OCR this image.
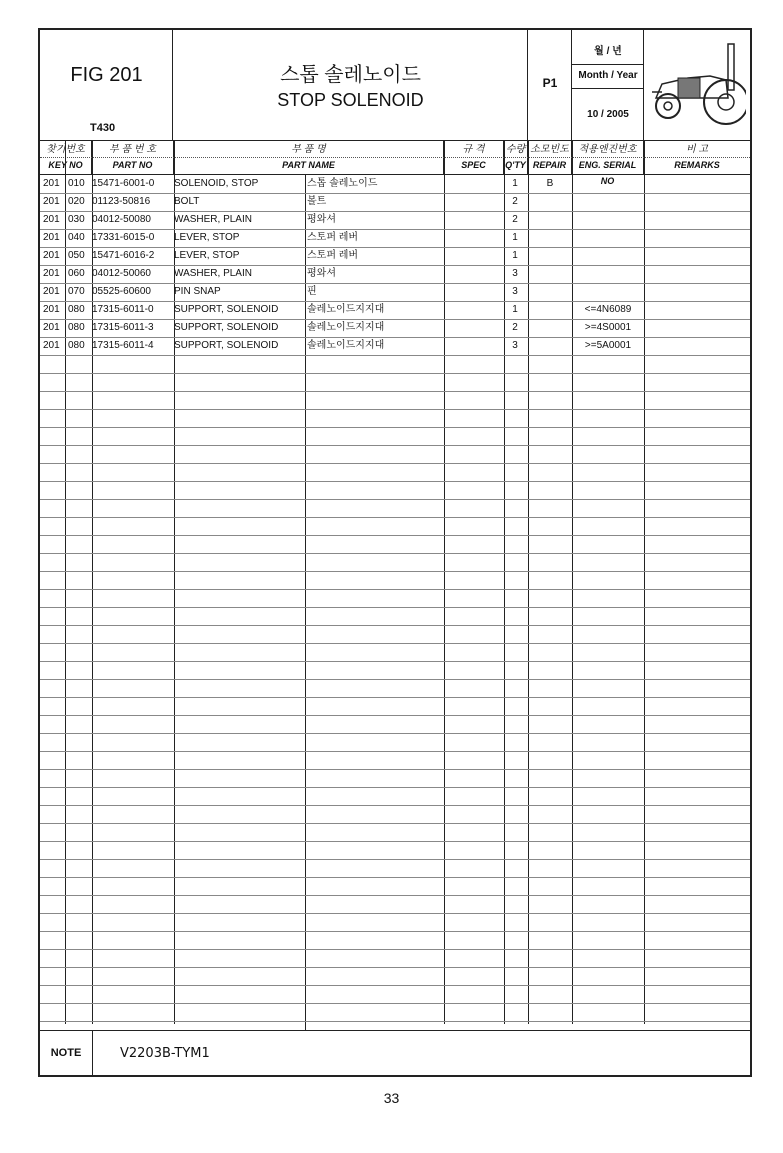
FIG 201
T430
스톱 솔레노이드
STOP SOLENOID
P1
월 / 년
Month / Year
10 / 2005
찾기번호
KEY NO
부 품 번 호
PART NO
부 품 명
PART NAME
규 격
SPEC
수량
Q'TY
소모빈도
REPAIR
적용엔진번호
ENG. SERIAL NO
비 고
REMARKS
201 010 15471-6001-0 SOLENOID, STOP	스톱 솔레노이드	1	B
201 020 01123-50816 BOLT	볼트	2
201 030 04012-50080 WASHER, PLAIN	평와셔	2
201 040 17331-6015-0 LEVER, STOP	스토퍼 레버	1
201 050 15471-6016-2 LEVER, STOP	스토퍼 레버	1
201 060 04012-50060 WASHER, PLAIN	평와셔	3
201 070 05525-60600 PIN SNAP	핀	3
201 080 17315-6011-0 SUPPORT, SOLENOID	솔레노이드지지대	1	<=4N6089
201 080 17315-6011-3 SUPPORT, SOLENOID	솔레노이드지지대	2	>=4S0001
201 080 17315-6011-4 SUPPORT, SOLENOID	솔레노이드지지대	3	>=5A0001
NOTE	V2203B-TYM1
33
